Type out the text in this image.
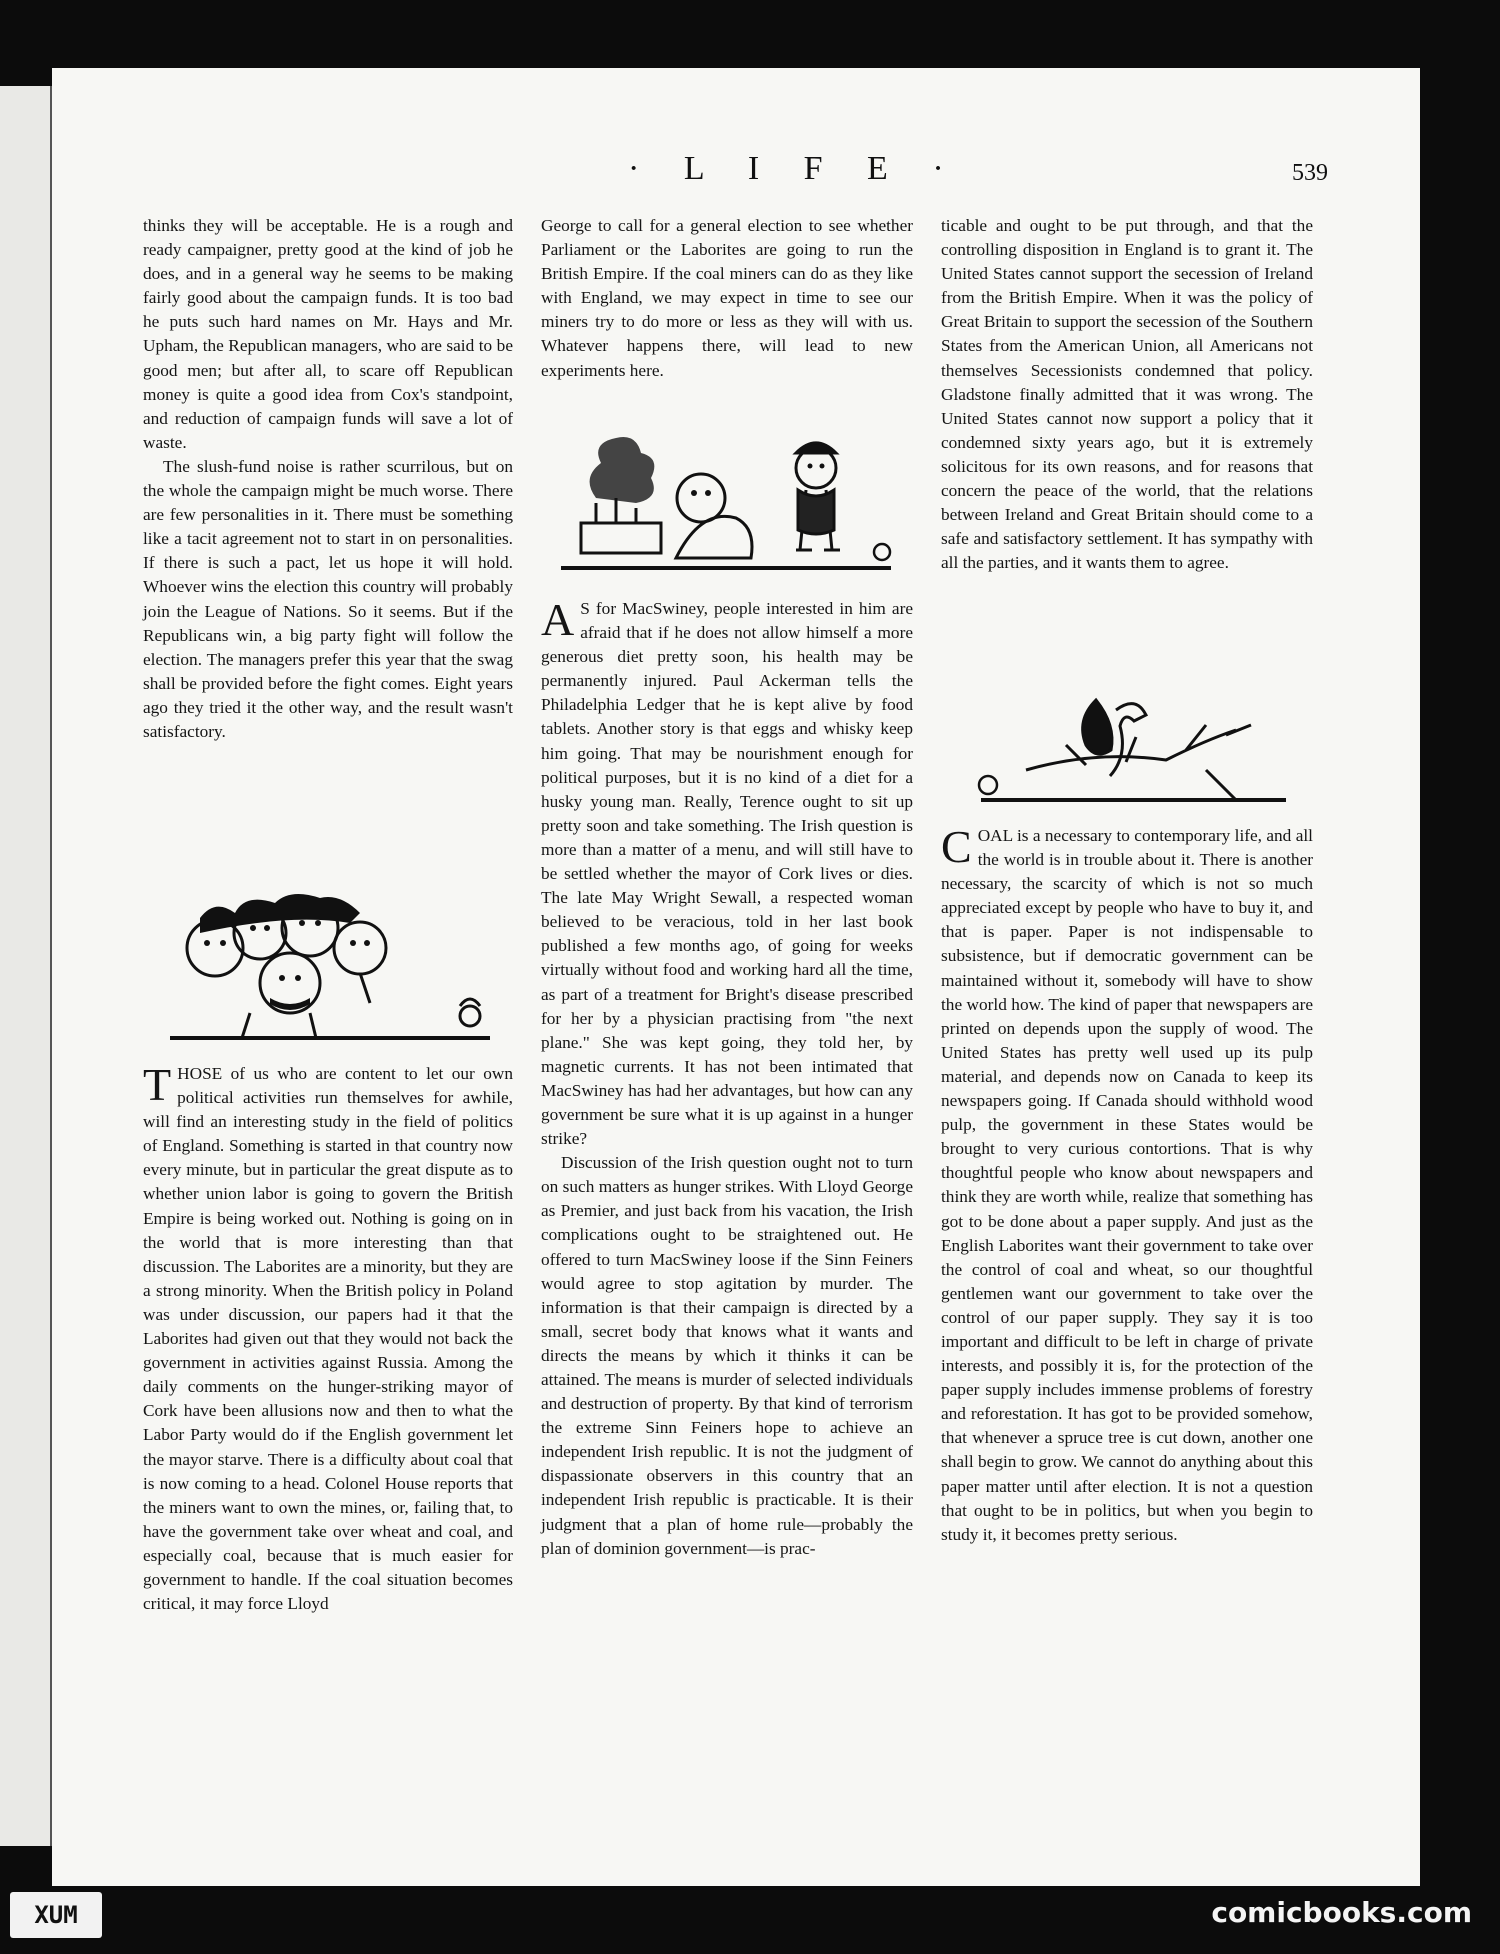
· L I F E ·	539

thinks they will be acceptable. He is a rough and ready campaigner, pretty good at the kind of job he does, and in a general way he seems to be making fairly good about the campaign funds. It is too bad he puts such hard names on Mr. Hays and Mr. Upham, the Republican managers, who are said to be good men; but after all, to scare off Republican money is quite a good idea from Cox's standpoint, and reduction of campaign funds will save a lot of waste.

The slush-fund noise is rather scurrilous, but on the whole the campaign might be much worse. There are few personalities in it. There must be something like a tacit agreement not to start in on personalities. If there is such a pact, let us hope it will hold. Whoever wins the election this country will probably join the League of Nations. So it seems. But if the Republicans win, a big party fight will follow the election. The managers prefer this year that the swag shall be provided before the fight comes. Eight years ago they tried it the other way, and the result wasn't satisfactory.

THOSE of us who are content to let our own political activities run themselves for awhile, will find an interesting study in the field of politics of England. Something is started in that country now every minute, but in particular the great dispute as to whether union labor is going to govern the British Empire is being worked out. Nothing is going on in the world that is more interesting than that discussion. The Laborites are a minority, but they are a strong minority. When the British policy in Poland was under discussion, our papers had it that the Laborites had given out that they would not back the government in activities against Russia. Among the daily comments on the hunger-striking mayor of Cork have been allusions now and then to what the Labor Party would do if the English government let the mayor starve. There is a difficulty about coal that is now coming to a head. Colonel House reports that the miners want to own the mines, or, failing that, to have the government take over wheat and coal, and especially coal, because that is much easier for government to handle. If the coal situation becomes critical, it may force Lloyd

George to call for a general election to see whether Parliament or the Laborites are going to run the British Empire. If the coal miners can do as they like with England, we may expect in time to see our miners try to do more or less as they will with us. Whatever happens there, will lead to new experiments here.

A S for MacSwiney, people interested in him are afraid that if he does not allow himself a more generous diet pretty soon, his health may be permanently injured. Paul Ackerman tells the Philadelphia Ledger that he is kept alive by food tablets. Another story is that eggs and whisky keep him going. That may be nourishment enough for political purposes, but it is no kind of a diet for a husky young man. Really, Terence ought to sit up pretty soon and take something. The Irish question is more than a matter of a menu, and will still have to be settled whether the mayor of Cork lives or dies. The late May Wright Sewall, a respected woman believed to be veracious, told in her last book published a few months ago, of going for weeks virtually without food and working hard all the time, as part of a treatment for Bright's disease prescribed for her by a physician practising from "the next plane." She was kept going, they told her, by magnetic currents. It has not been intimated that MacSwiney has had her advantages, but how can any government be sure what it is up against in a hunger strike?

Discussion of the Irish question ought not to turn on such matters as hunger strikes. With Lloyd George as Premier, and just back from his vacation, the Irish complications ought to be straightened out. He offered to turn MacSwiney loose if the Sinn Feiners would agree to stop agitation by murder. The information is that their campaign is directed by a small, secret body that knows what it wants and directs the means by which it thinks it can be attained. The means is murder of selected individuals and destruction of property. By that kind of terrorism the extreme Sinn Feiners hope to achieve an independent Irish republic. It is not the judgment of dispassionate observers in this country that an independent Irish republic is practicable. It is their judgment that a plan of home rule—probably the plan of dominion government—is prac-

ticable and ought to be put through, and that the controlling disposition in England is to grant it. The United States cannot support the secession of Ireland from the British Empire. When it was the policy of Great Britain to support the secession of the Southern States from the American Union, all Americans not themselves Secessionists condemned that policy. Gladstone finally admitted that it was wrong. The United States cannot now support a policy that it condemned sixty years ago, but it is extremely solicitous for its own reasons, and for reasons that concern the peace of the world, that the relations between Ireland and Great Britain should come to a safe and satisfactory settlement. It has sympathy with all the parties, and it wants them to agree.

COAL is a necessary to contemporary life, and all the world is in trouble about it. There is another necessary, the scarcity of which is not so much appreciated except by people who have to buy it, and that is paper. Paper is not indispensable to subsistence, but if democratic government can be maintained without it, somebody will have to show the world how. The kind of paper that newspapers are printed on depends upon the supply of wood. The United States has pretty well used up its pulp material, and depends now on Canada to keep its newspapers going. If Canada should withhold wood pulp, the government in these States would be brought to very curious contortions. That is why thoughtful people who know about newspapers and think they are worth while, realize that something has got to be done about a paper supply. And just as the English Laborites want their government to take over the control of coal and wheat, so our thoughtful gentlemen want our government to take over the control of our paper supply. They say it is too important and difficult to be left in charge of private interests, and possibly it is, for the protection of the paper supply includes immense problems of forestry and reforestation. It has got to be provided somehow, that whenever a spruce tree is cut down, another one shall begin to grow. We cannot do anything about this paper matter until after election. It is not a question that ought to be in politics, but when you begin to study it, it becomes pretty serious.

XUM	comicbooks.com
